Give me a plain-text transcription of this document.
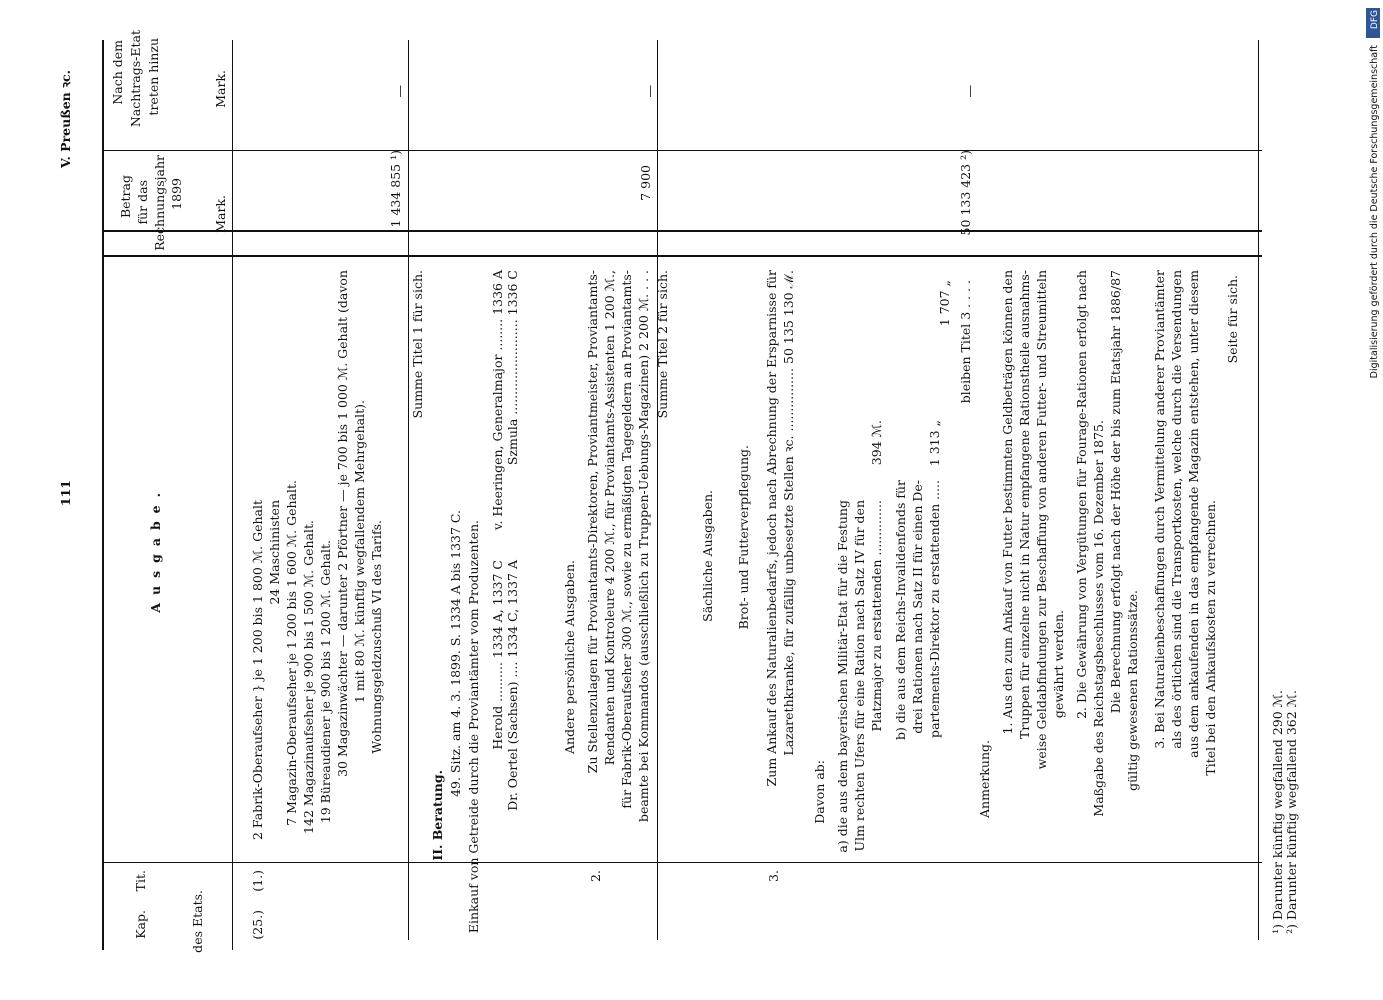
111
V. Preußen ꝛc.
Ausgabe.
Nach dem Nachtrags-Etat treten hinzu	Mark.
Betrag für das Rechnungsjahr 1899
Mark.
Kap.
Tit.
des Etats.	(25.)
(1.)
2 Fabrik-Oberaufseher } je 1 200 bis 1 800 ℳ. Gehalt 24 Maschinisten 7 Magazin-Oberaufseher je 1 200 bis 1 600 ℳ. Gehalt. 142 Magazinaufseher je 900 bis 1 500 ℳ. Gehalt. 19 Büreaudiener je 900 bis 1 200 ℳ. Gehalt. 30 Magazinwächter — darunter 2 Pförtner — je 700 bis 1 000 ℳ. Gehalt (davon 1 mit 80 ℳ. künftig wegfallendem Mehrgehalt). Wohnungsgeldzuschuß VI des Tarifs.
II. Beratung.
49. Sitz. am 4. 3. 1899. S. 1334 A bis 1337 C. Einkauf von Getreide durch die Proviantämter vom Produzenten. Herold .......... 1334 A, 1337 C Dr. Oertel (Sachsen) .... 1334 C, 1337 A
v. Heeringen, Generalmajor ........ 1336 A Szmula ........................ 1336 C
Summe Titel 1 für sich.
1 434 855 ¹)
—
2.
Andere persönliche Ausgaben. Zu Stellenzulagen für Proviantamts-Direktoren, Proviantmeister, Proviantamts- Rendanten und Kontroleure 4 200 ℳ., für Proviantamts-Assistenten 1 200 ℳ., für Fabrik-Oberaufseher 300 ℳ., sowie zu ermäßigten Tagegeldern an Proviantamts- beamte bei Kommandos (ausschließlich zu Truppen-Uebungs-Magazinen) 2 200 ℳ. . . . Summe Titel 2 für sich.
7 900
—
Sächliche Ausgaben. Brot- und Futterverpflegung.
3.
Zum Ankauf des Naturalienbedarfs, jedoch nach Abrechnung der Ersparnisse für Lazarethkranke, für zufällig unbesetzte Stellen ꝛc. ................ 50 135 130 ℳ.
Davon ab: a) die aus dem bayerischen Militär-Etat für die Festung Ulm rechten Ufers für eine Ration nach Satz IV für den Platzmajor zu erstattenden ..............
394 ℳ.
b) die aus dem Reichs-Invalidenfonds für drei Rationen nach Satz II für einen De- partements-Direktor zu erstattenden .....
1 313 „
1 707 „ bleiben Titel 3 . . . .
50 133 423 ²)
—
Anmerkung.
1. Aus den zum Ankauf von Futter bestimmten Geldbeträgen können den Truppen für einzelne nicht in Natur empfangene Rationstheile ausnahms- weise Geldabfindungen zur Beschaffung von anderen Futter- und Streumitteln gewährt werden. 2. Die Gewährung von Vergütungen für Fourage-Rationen erfolgt nach Maßgabe des Reichstagsbeschlusses vom 16. Dezember 1875. Die Berechnung erfolgt nach der Höhe der bis zum Etatsjahr 1886/87 gültig gewesenen Rationssätze. 3. Bei Naturalienbeschaffungen durch Vermittelung anderer Proviantämter als des örtlichen sind die Transportkosten, welche durch die Versendungen aus dem ankaufenden in das empfangende Magazin entstehen, unter diesem Titel bei den Ankaufskosten zu verrechnen.
Seite für sich.
¹) Darunter künftig wegfallend 290 ℳ. ²) Darunter künftig wegfallend 362 ℳ.
DFG
Digitalisierung gefördert durch die Deutsche Forschungsgemeinschaft
